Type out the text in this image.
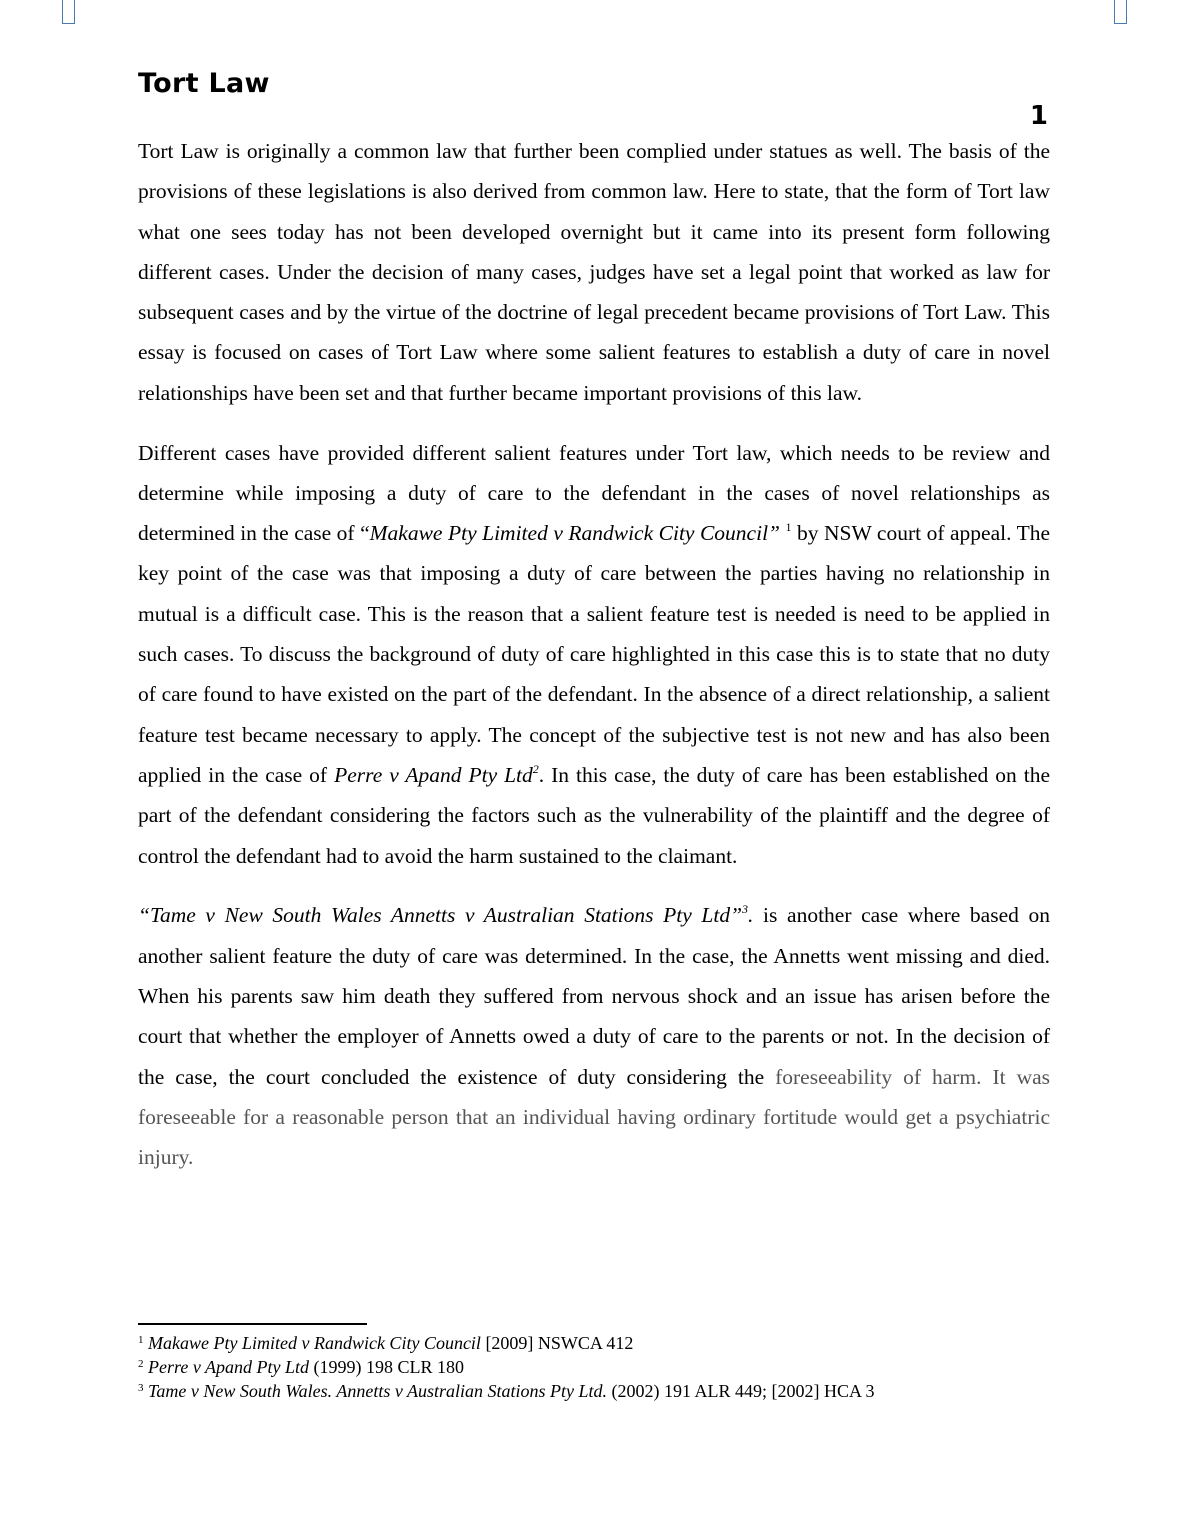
Tort Law
1

Tort Law is originally a common law that further been complied under statues as well. The basis of the provisions of these legislations is also derived from common law. Here to state, that the form of Tort law what one sees today has not been developed overnight but it came into its present form following different cases. Under the decision of many cases, judges have set a legal point that worked as law for subsequent cases and by the virtue of the doctrine of legal precedent became provisions of Tort Law. This essay is focused on cases of Tort Law where some salient features to establish a duty of care in novel relationships have been set and that further became important provisions of this law.

Different cases have provided different salient features under Tort law, which needs to be review and determine while imposing a duty of care to the defendant in the cases of novel relationships as determined in the case of “Makawe Pty Limited v Randwick City Council” $^1$ by NSW court of appeal. The key point of the case was that imposing a duty of care between the parties having no relationship in mutual is a difficult case. This is the reason that a salient feature test is needed is need to be applied in such cases. To discuss the background of duty of care highlighted in this case this is to state that no duty of care found to have existed on the part of the defendant. In the absence of a direct relationship, a salient feature test became necessary to apply. The concept of the subjective test is not new and has also been applied in the case of Perre v Apand Pty Ltd$^2$. In this case, the duty of care has been established on the part of the defendant considering the factors such as the vulnerability of the plaintiff and the degree of control the defendant had to avoid the harm sustained to the claimant.

“Tame v New South Wales Annetts v Australian Stations Pty Ltd”$^3$. is another case where based on another salient feature the duty of care was determined. In the case, the Annetts went missing and died. When his parents saw him death they suffered from nervous shock and an issue has arisen before the court that whether the employer of Annetts owed a duty of care to the parents or not. In the decision of the case, the court concluded the existence of duty considering the foreseeability of harm. It was foreseeable for a reasonable person that an individual having ordinary fortitude would get a psychiatric injury.

$^1$ Makawe Pty Limited v Randwick City Council [2009] NSWCA 412
$^2$ Perre v Apand Pty Ltd (1999) 198 CLR 180
$^3$ Tame v New South Wales. Annetts v Australian Stations Pty Ltd. (2002) 191 ALR 449; [2002] HCA 3
